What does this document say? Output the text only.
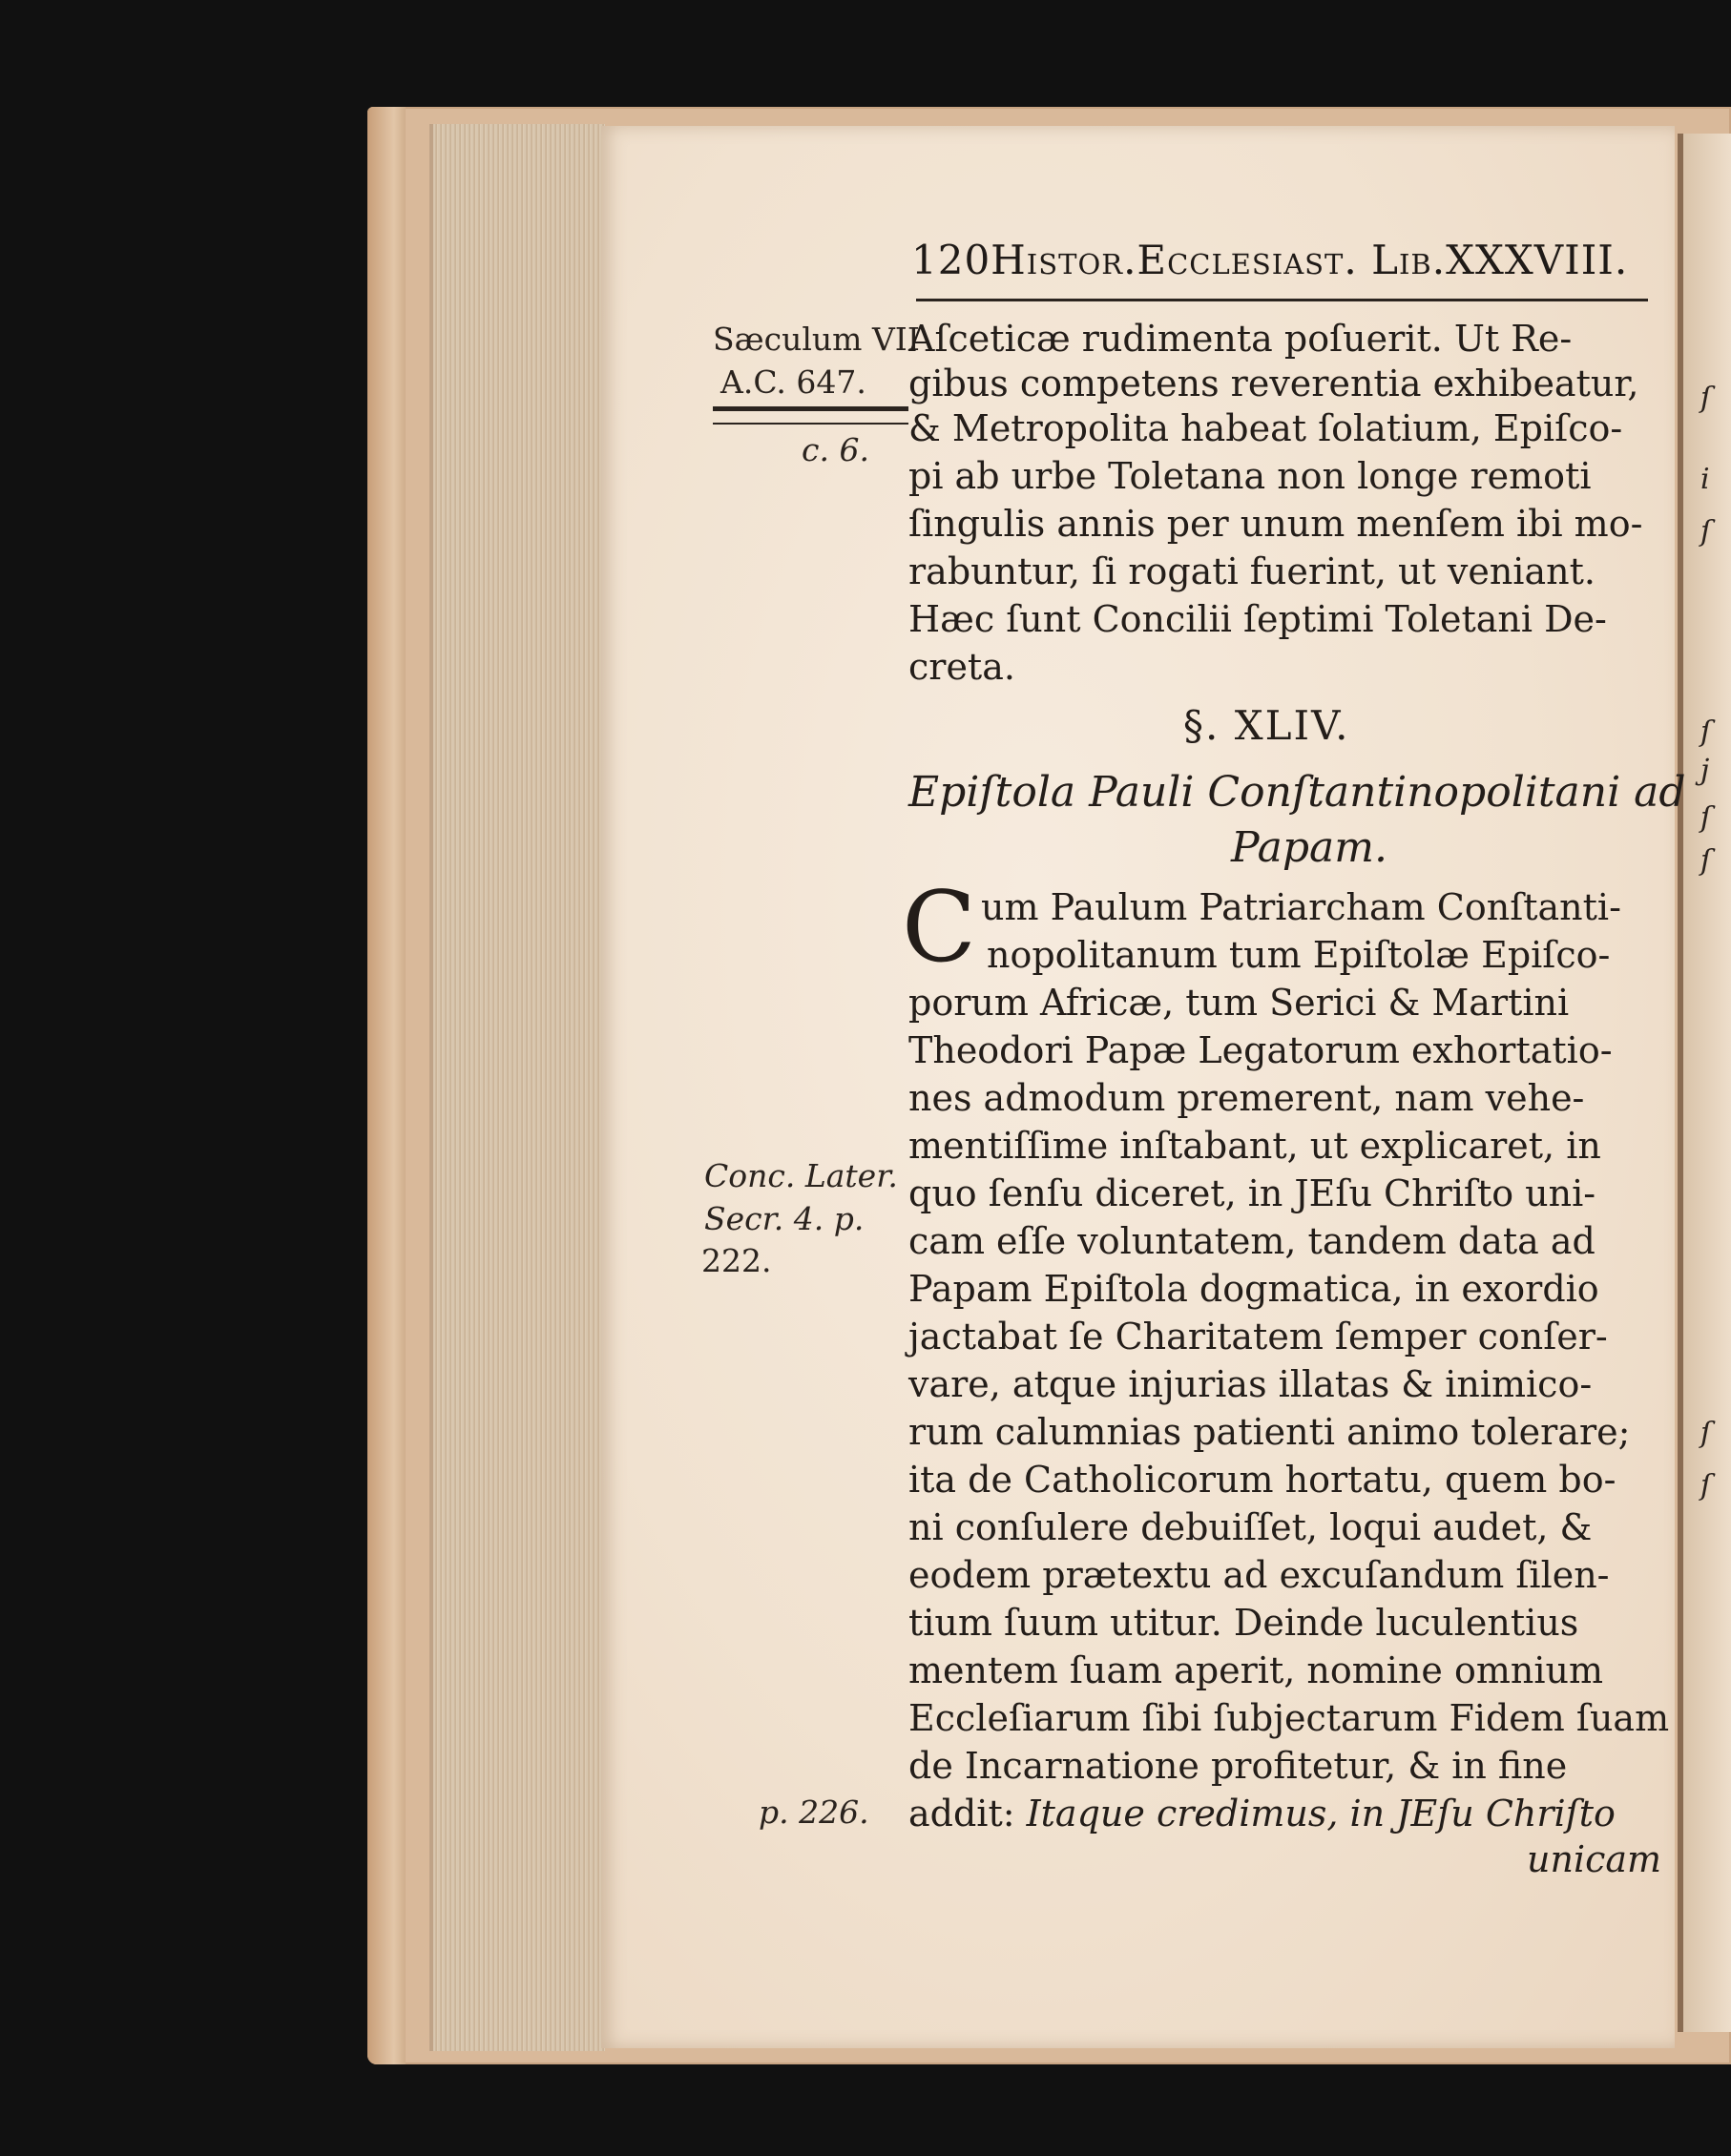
ſ
i
ſ
ſ
ſ
j
ſ
ſ
ſ
120Histor.Ecclesiast. Lib.XXXVIII.
Sæculum VII
A.C. 647.
c. 6.
Conc. Later.
Secr. 4. p.
222.
p. 226.
Aſceticæ rudimenta poſuerit. Ut Re-
gibus competens reverentia exhibeatur,
& Metropolita habeat ſolatium, Epiſco-
pi ab urbe Toletana non longe remoti
ſingulis annis per unum menſem ibi mo-
rabuntur, ſi rogati fuerint, ut veniant.
Hæc ſunt Concilii ſeptimi Toletani De-
creta.
§. XLIV.
Epiſtola Pauli Conſtantinopolitani ad
Papam.
C um Paulum Patriarcham Conſtanti-
nopolitanum tum Epiſtolæ Epiſco-
porum Africæ, tum Serici & Martini
Theodori Papæ Legatorum exhortatio-
nes admodum premerent, nam vehe-
mentiſſime inſtabant, ut explicaret, in
quo ſenſu diceret, in JEſu Chriſto uni-
cam eſſe voluntatem, tandem data ad
Papam Epiſtola dogmatica, in exordio
jactabat ſe Charitatem ſemper conſer-
vare, atque injurias illatas & inimico-
rum calumnias patienti animo tolerare;
ita de Catholicorum hortatu, quem bo-
ni conſulere debuiſſet, loqui audet, &
eodem prætextu ad excuſandum ſilen-
tium ſuum utitur. Deinde luculentius
mentem ſuam aperit, nomine omnium
Eccleſiarum ſibi ſubjectarum Fidem ſuam
de Incarnatione profitetur, & in fine
addit: Itaque credimus, in JEſu Chriſto
unicam
